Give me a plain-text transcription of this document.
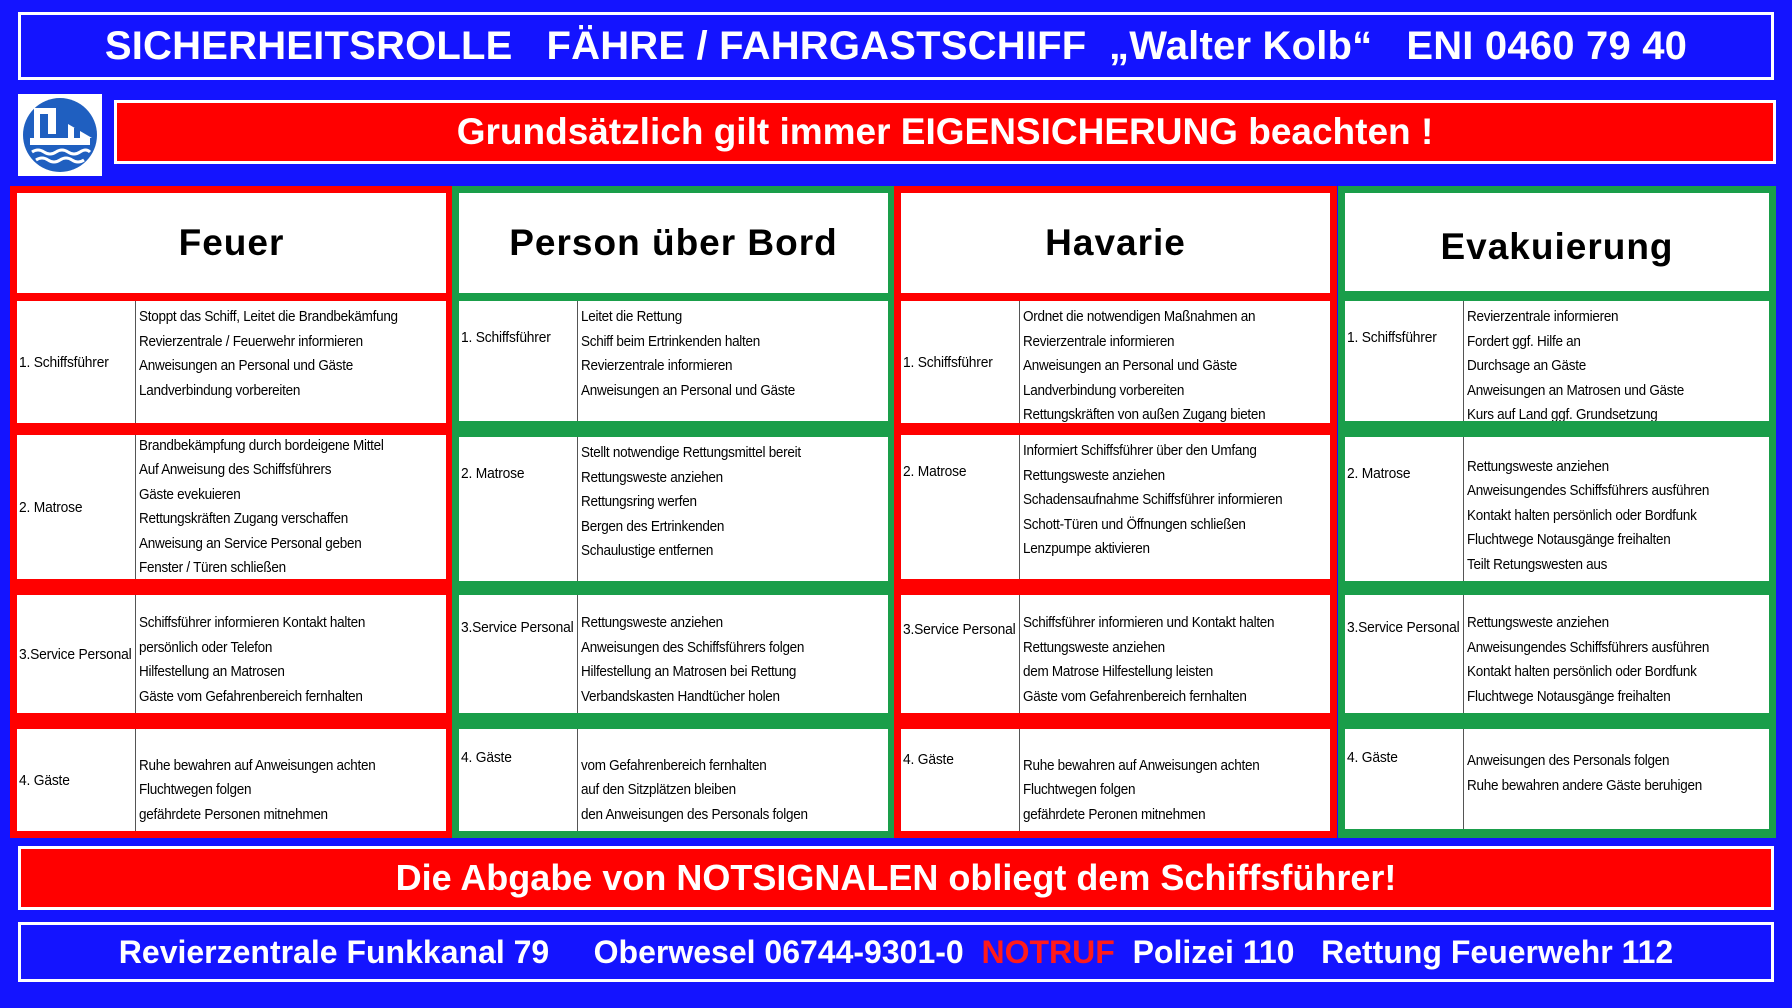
SICHERHEITSROLLE   FÄHRE / FAHRGASTSCHIFF  „Walter Kolb“   ENI 0460 79 40
Grundsätzlich gilt immer EIGENSICHERUNG beachten !
Feuer
1. Schiffsführer
Stoppt das Schiff, Leitet die Brandbekämfung
Revierzentrale / Feuerwehr informieren
Anweisungen an Personal und Gäste
Landverbindung vorbereiten
2. Matrose
Brandbekämpfung durch bordeigene Mittel
Auf Anweisung des Schiffsführers
Gäste evekuieren
Rettungskräften Zugang verschaffen
Anweisung an Service Personal geben
Fenster / Türen schließen
3.Service Personal
Schiffsführer informieren Kontakt halten
persönlich oder Telefon
Hilfestellung an Matrosen
Gäste vom Gefahrenbereich fernhalten
4. Gäste
Ruhe bewahren auf Anweisungen achten
Fluchtwegen folgen
gefährdete Personen mitnehmen
Person über Bord
1. Schiffsführer
Leitet die Rettung
Schiff beim Ertrinkenden halten
Revierzentrale informieren
Anweisungen an Personal und Gäste
2. Matrose
Stellt notwendige Rettungsmittel bereit
Rettungsweste anziehen
Rettungsring werfen
Bergen des Ertrinkenden
Schaulustige entfernen
3.Service Personal Rettungsweste anziehen
Anweisungen des Schiffsführers folgen
Hilfestellung an Matrosen bei Rettung
Verbandskasten Handtücher holen
4. Gäste	vom Gefahrenbereich fernhalten
auf den Sitzplätzen bleiben
den Anweisungen des Personals folgen
Havarie
1. Schiffsführer
Ordnet die notwendigen Maßnahmen an
Revierzentrale informieren
Anweisungen an Personal und Gäste
Landverbindung vorbereiten
Rettungskräften von außen Zugang bieten
2. Matrose
Informiert Schiffsführer über den Umfang
Rettungsweste anziehen
Schadensaufnahme Schiffsführer informieren
Schott-Türen und Öffnungen schließen
Lenzpumpe aktivieren
3.Service Personal Schiffsführer informieren und Kontakt halten
Rettungsweste anziehen
dem Matrose Hilfestellung leisten
Gäste vom Gefahrenbereich fernhalten
4. Gäste	Ruhe bewahren auf Anweisungen achten
Fluchtwegen folgen
gefährdete Peronen mitnehmen
Evakuierung
1. Schiffsführer
Revierzentrale informieren
Fordert ggf. Hilfe an
Durchsage an Gäste
Anweisungen an Matrosen und Gäste
Kurs auf Land ggf. Grundsetzung
2. Matrose	Rettungsweste anziehen
Anweisungendes Schiffsführers ausführen
Kontakt halten persönlich oder Bordfunk
Fluchtwege Notausgänge freihalten
Teilt Retungswesten aus
3.Service Personal Rettungsweste anziehen
Anweisungendes Schiffsführers ausführen
Kontakt halten persönlich oder Bordfunk
Fluchtwege Notausgänge freihalten
4. Gäste	Anweisungen des Personals folgen
Ruhe bewahren andere Gäste beruhigen
Die Abgabe von NOTSIGNALEN obliegt dem Schiffsführer!
Revierzentrale Funkkanal 79     Oberwesel 06744-9301-0 NOTRUF Polizei 110   Rettung Feuerwehr 112
